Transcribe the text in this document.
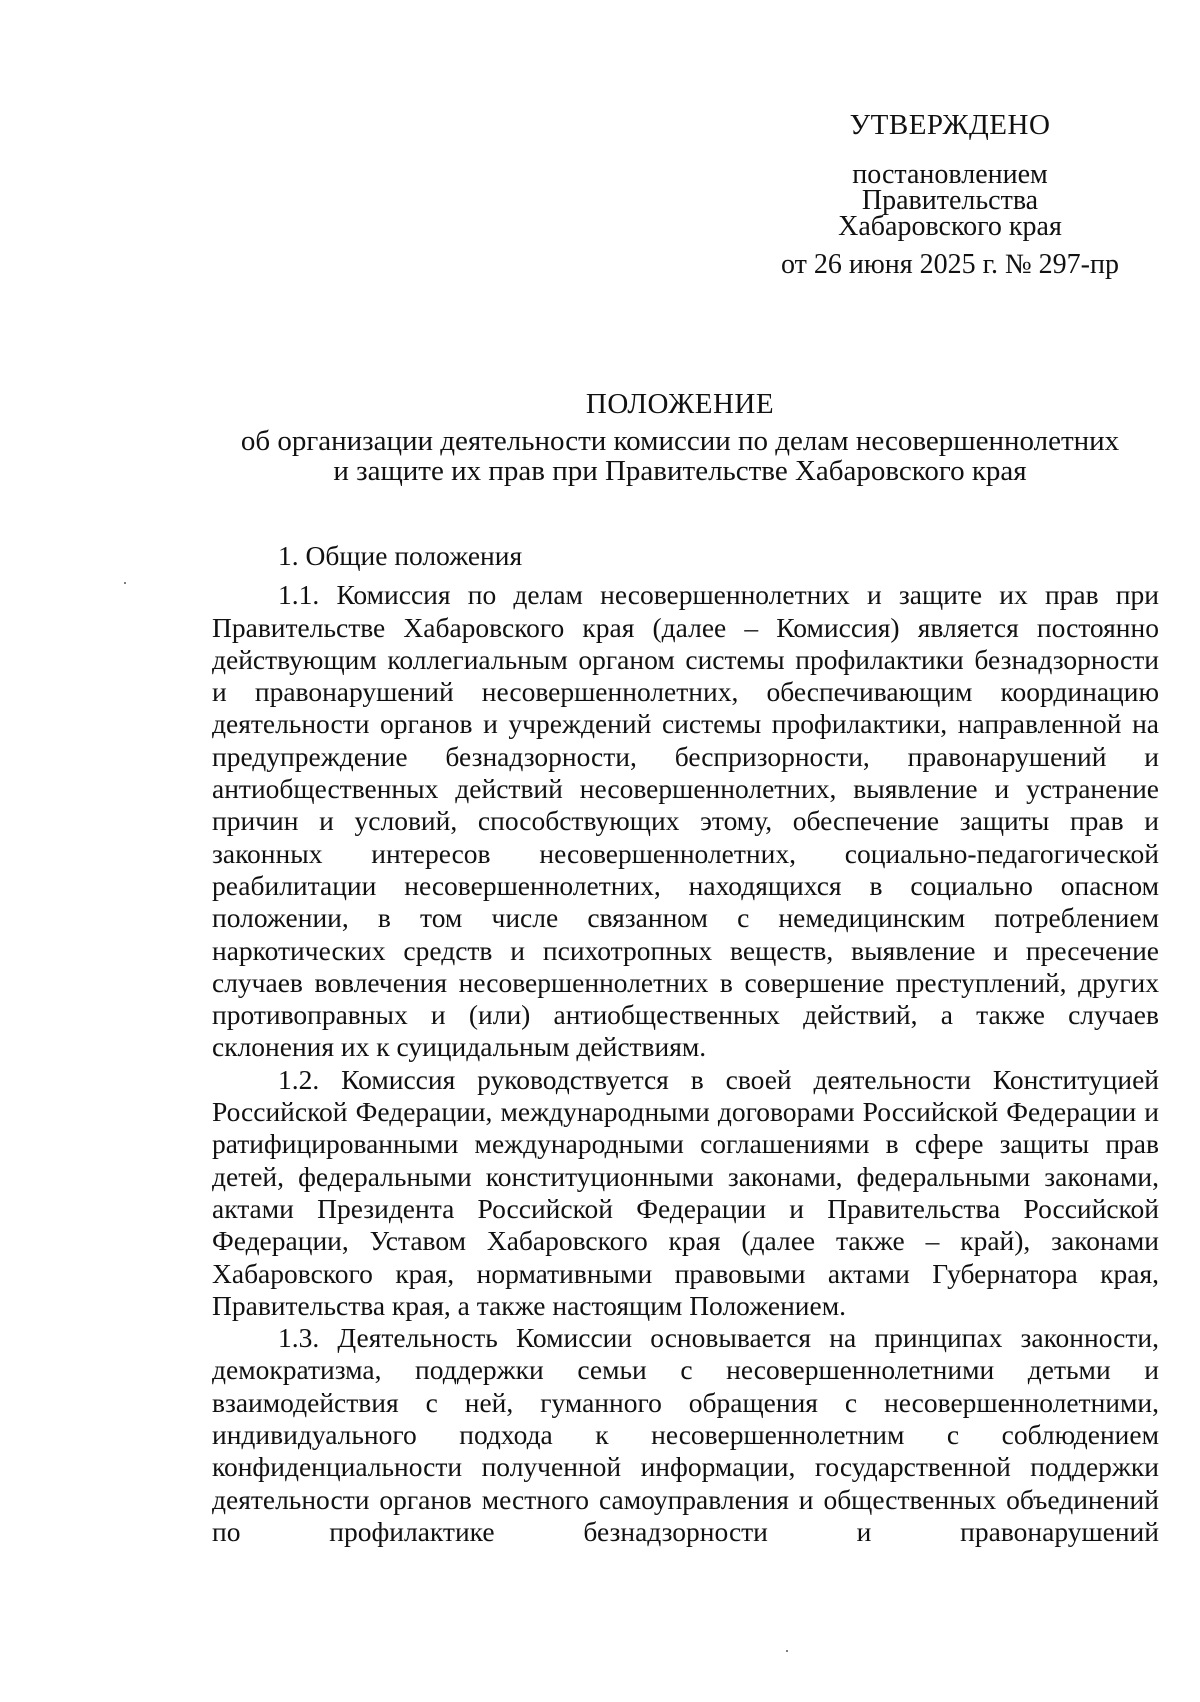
УТВЕРЖДЕНО
постановлением
Правительства
Хабаровского края
от 26 июня 2025 г. № 297-пр
ПОЛОЖЕНИЕ
об организации деятельности комиссии по делам несовершеннолетних
и защите их прав при Правительстве Хабаровского края

1. Общие положения

1.1. Комиссия по делам несовершеннолетних и защите их прав при Правительстве Хабаровского края (далее – Комиссия) является постоянно действующим коллегиальным органом системы профилактики безнадзорности и правонарушений несовершеннолетних, обеспечивающим координацию деятельности органов и учреждений системы профилактики, направленной на предупреждение безнадзорности, беспризорности, правонарушений и антиобщественных действий несовершеннолетних, выявление и устранение причин и условий, способствующих этому, обеспечение защиты прав и законных интересов несовершеннолетних, социально-педагогической реабилитации несовершеннолетних, находящихся в социально опасном положении, в том числе связанном с немедицинским потреблением наркотических средств и психотропных веществ, выявление и пресечение случаев вовлечения несовершеннолетних в совершение преступлений, других противоправных и (или) антиобщественных действий, а также случаев склонения их к суицидальным действиям.

1.2. Комиссия руководствуется в своей деятельности Конституцией Российской Федерации, международными договорами Российской Федерации и ратифицированными международными соглашениями в сфере защиты прав детей, федеральными конституционными законами, федеральными законами, актами Президента Российской Федерации и Правительства Российской Федерации, Уставом Хабаровского края (далее также – край), законами Хабаровского края, нормативными правовыми актами Губернатора края, Правительства края, а также настоящим Положением.

1.3. Деятельность Комиссии основывается на принципах законности, демократизма, поддержки семьи с несовершеннолетними детьми и взаимодействия с ней, гуманного обращения с несовершеннолетними, индивидуального подхода к несовершеннолетним с соблюдением конфиденциальности полученной информации, государственной поддержки деятельности органов местного самоуправления и общественных объединений по профилактике безнадзорности и правонарушений
